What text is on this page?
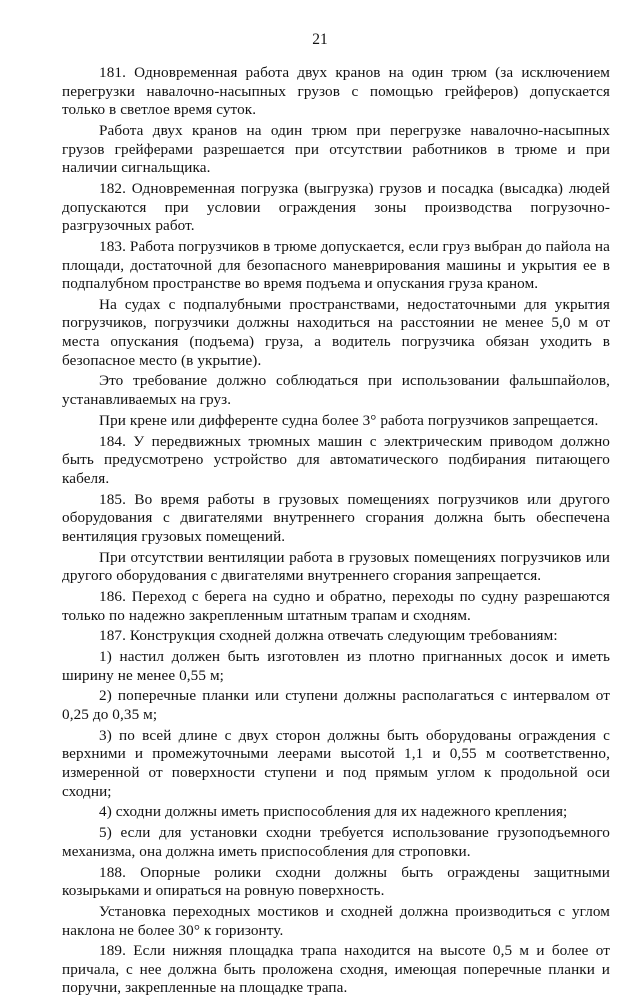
21

181. Одновременная работа двух кранов на один трюм (за исключением перегрузки навалочно-насыпных грузов с помощью грейферов) допускается только в светлое время суток.

Работа двух кранов на один трюм при перегрузке навалочно-насыпных грузов грейферами разрешается при отсутствии работников в трюме и при наличии сигнальщика.

182. Одновременная погрузка (выгрузка) грузов и посадка (высадка) людей допускаются при условии ограждения зоны производства погрузочно-разгрузочных работ.

183. Работа погрузчиков в трюме допускается, если груз выбран до пайола на площади, достаточной для безопасного маневрирования машины и укрытия ее в подпалубном пространстве во время подъема и опускания груза краном.

На судах с подпалубными пространствами, недостаточными для укрытия погрузчиков, погрузчики должны находиться на расстоянии не менее 5,0 м от места опускания (подъема) груза, а водитель погрузчика обязан уходить в безопасное место (в укрытие).

Это требование должно соблюдаться при использовании фальшпайолов, устанавливаемых на груз.

При крене или дифференте судна более 3° работа погрузчиков запрещается.

184. У передвижных трюмных машин с электрическим приводом должно быть предусмотрено устройство для автоматического подбирания питающего кабеля.

185. Во время работы в грузовых помещениях погрузчиков или другого оборудования с двигателями внутреннего сгорания должна быть обеспечена вентиляция грузовых помещений.

При отсутствии вентиляции работа в грузовых помещениях погрузчиков или другого оборудования с двигателями внутреннего сгорания запрещается.

186. Переход с берега на судно и обратно, переходы по судну разрешаются только по надежно закрепленным штатным трапам и сходням.

187. Конструкция сходней должна отвечать следующим требованиям:

1) настил должен быть изготовлен из плотно пригнанных досок и иметь ширину не менее 0,55 м;

2) поперечные планки или ступени должны располагаться с интервалом от 0,25 до 0,35 м;

3) по всей длине с двух сторон должны быть оборудованы ограждения с верхними и промежуточными леерами высотой 1,1 и 0,55 м соответственно, измеренной от поверхности ступени и под прямым углом к продольной оси сходни;

4) сходни должны иметь приспособления для их надежного крепления;

5) если для установки сходни требуется использование грузоподъемного механизма, она должна иметь приспособления для строповки.

188. Опорные ролики сходни должны быть ограждены защитными козырьками и опираться на ровную поверхность.

Установка переходных мостиков и сходней должна производиться с углом наклона не более 30° к горизонту.

189. Если нижняя площадка трапа находится на высоте 0,5 м и более от причала, с нее должна быть проложена сходня, имеющая поперечные планки и поручни, закрепленные на площадке трапа.
